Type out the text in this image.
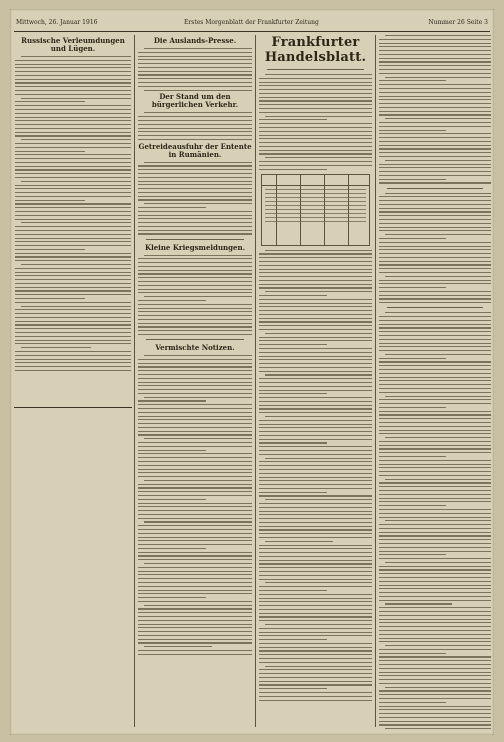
Mittwoch, 26. Januar 1916	Erstes Morgenblatt der Frankfurter Zeitung	Nummer 26 Seite 3
Russische Verleumdungen und Lügen.
Die Auslands-Presse.
Der Stand um den bürgerlichen Verkehr.
Getreideausfuhr der Entente in Rumänien.
Kleine Kriegsmeldungen.
Vermischte Notizen.
Frankfurter Handelsblatt.
